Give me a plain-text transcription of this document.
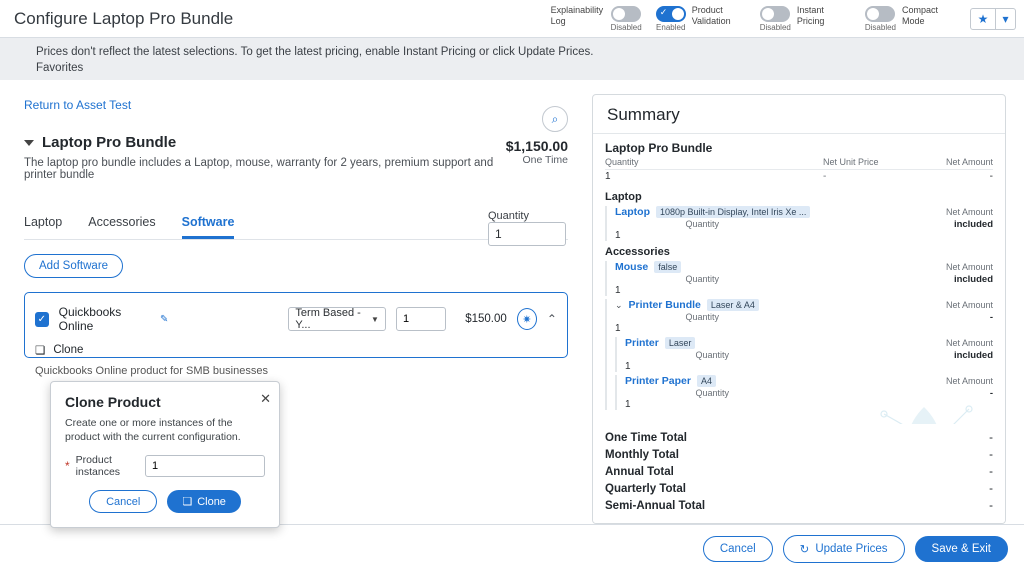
Configure Laptop Pro Bundle	Explainability Log
Disabled
✓ Enabled
Product Validation
Disabled
Instant Pricing
Disabled
Compact Mode	★	▾
Prices don't reflect the latest selections. To get the latest pricing, enable Instant Pricing or click Update Prices.
Favorites
Return to Asset Test
Laptop Pro Bundle
The laptop pro bundle includes a Laptop, mouse, warranty for 2 years, premium support and printer bundle
⌕
$1,150.00
One Time
Quantity
1
Laptop Accessories Software
Add Software
✓ Quickbooks Online	✎	Term Based - Y...	▼
1	$150.00	✷	⌃
❏ Clone
Quickbooks Online product for SMB businesses
Summary
Laptop Pro Bundle
Quantity	Net Unit Price	Net Amount
1	-	-
Laptop
Laptop	1080p Built-in Display, Intel Iris Xe ...	Net Amount
Quantity	included
1
Accessories
Mouse	false	Net Amount
Quantity	included
1
⌄ Printer Bundle	Laser & A4	Net Amount
Quantity	-
1
Printer	Laser	Net Amount
Quantity	included
1
Printer Paper	A4	Net Amount
Quantity	-
1
One Time Total	-
Monthly Total	-
Annual Total	-
Quarterly Total	-
Semi-Annual Total	-
Clone Product	✕

Create one or more instances of the product with the current configuration.

* Product instances
1
Cancel	❏ Clone
Cancel	↻ Update Prices	Save & Exit
